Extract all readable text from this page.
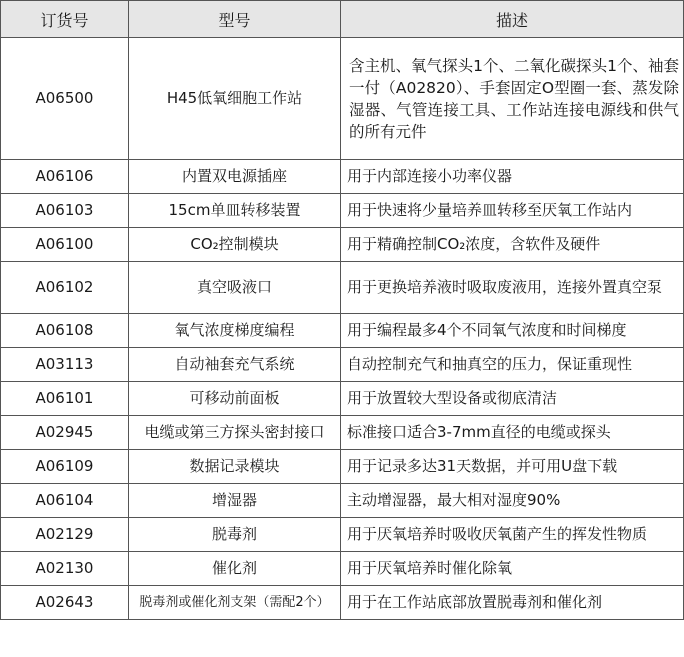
订货号	型号	描述
A06500	H45低氧细胞工作站	含主机、氧气探头1个、二氧化碳探头1个、袖套一付（A02820）、手套固定O型圈一套、蒸发除湿器、气管连接工具、工作站连接电源线和供气的所有元件
A06106	内置双电源插座	用于内部连接小功率仪器
A06103	15cm单皿转移装置	用于快速将少量培养皿转移至厌氧工作站内
A06100	CO₂控制模块	用于精确控制CO₂浓度，含软件及硬件
A06102	真空吸液口	用于更换培养液时吸取废液用，连接外置真空泵
A06108	氧气浓度梯度编程	用于编程最多4个不同氧气浓度和时间梯度
A03113	自动袖套充气系统	自动控制充气和抽真空的压力，保证重现性
A06101	可移动前面板	用于放置较大型设备或彻底清洁
A02945	电缆或第三方探头密封接口	标准接口适合3-7mm直径的电缆或探头
A06109	数据记录模块	用于记录多达31天数据，并可用U盘下载
A06104	增湿器	主动增湿器，最大相对湿度90%
A02129	脱毒剂	用于厌氧培养时吸收厌氧菌产生的挥发性物质
A02130	催化剂	用于厌氧培养时催化除氧
A02643	脱毒剂或催化剂支架（需配2个）	用于在工作站底部放置脱毒剂和催化剂
